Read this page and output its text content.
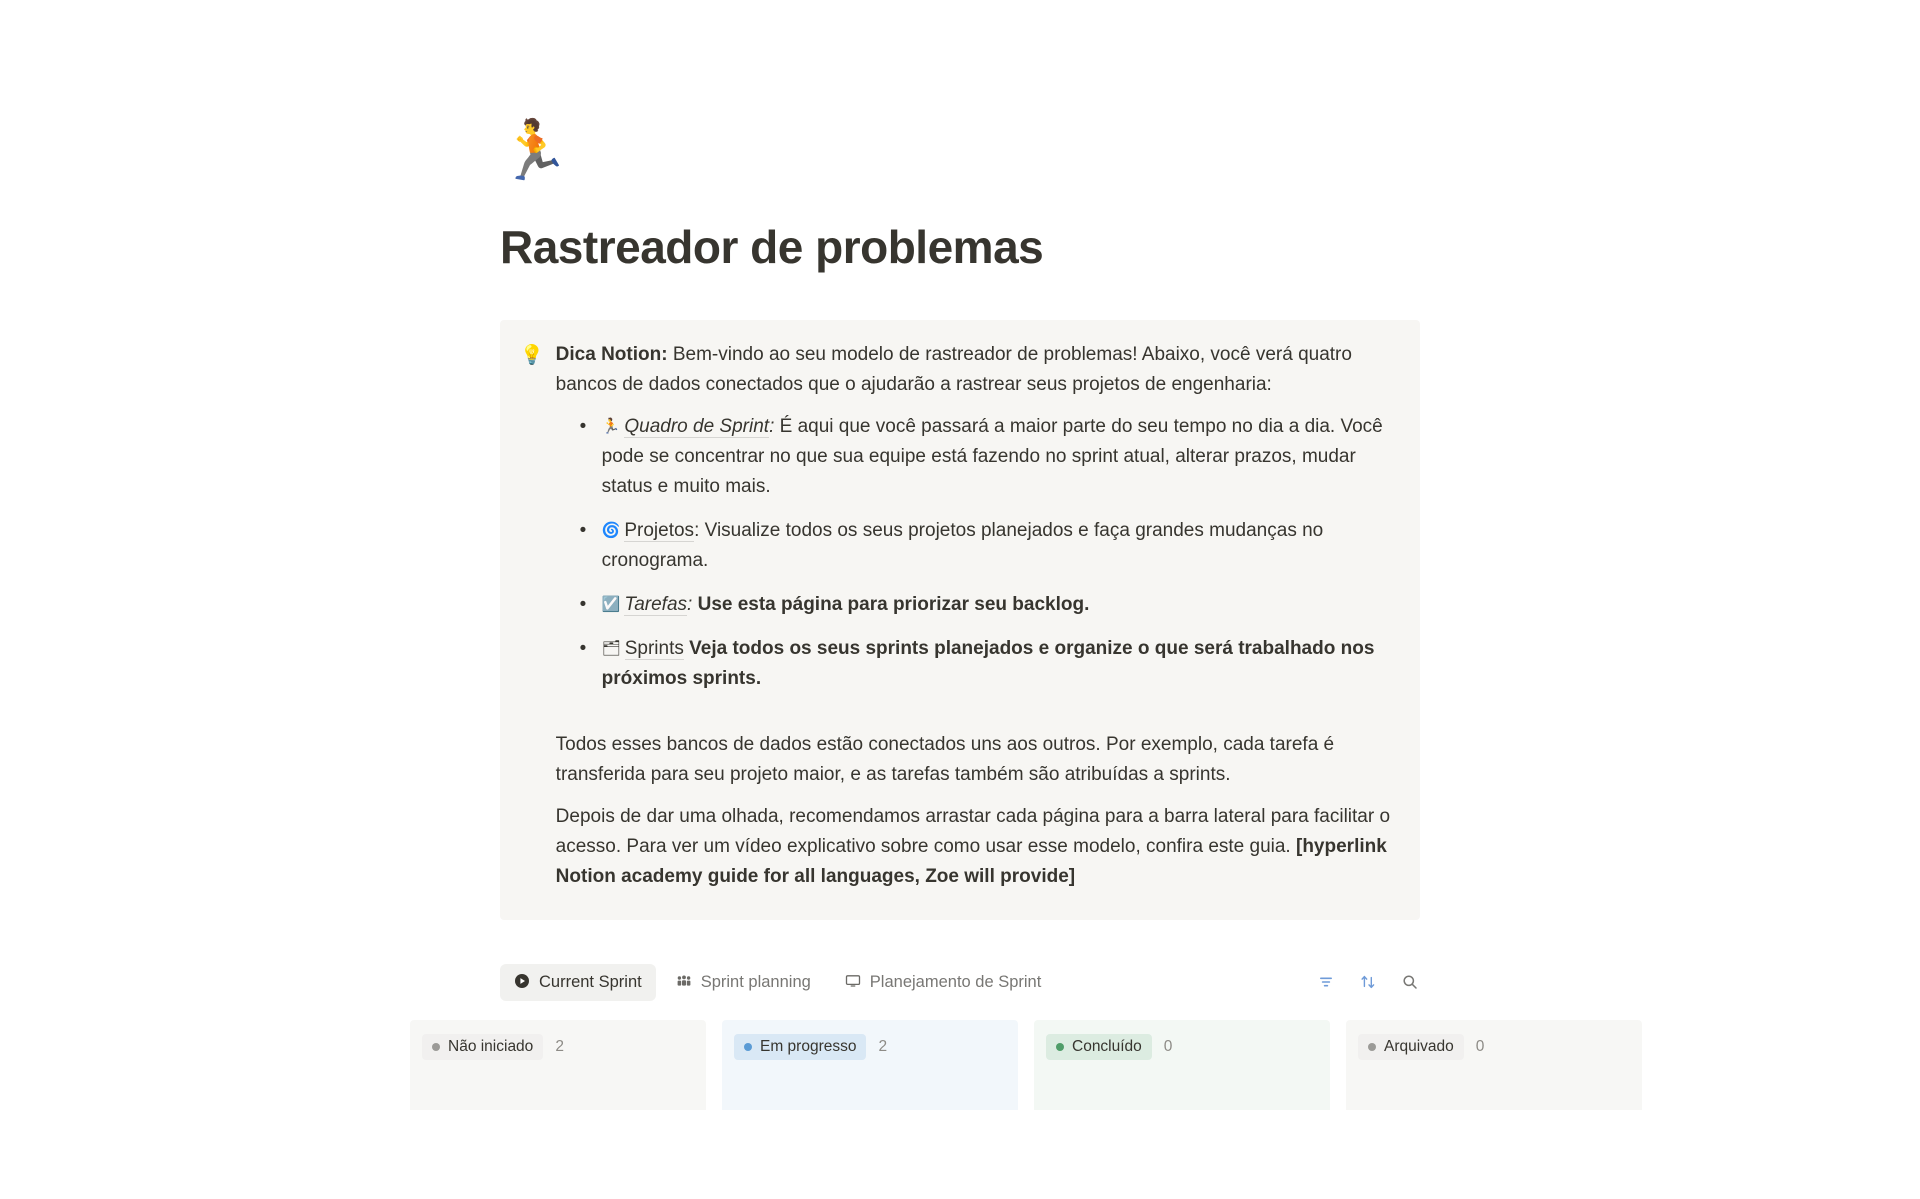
🏃
Rastreador de problemas
💡 Dica Notion: Bem-vindo ao seu modelo de rastreador de problemas! Abaixo, você verá quatro bancos de dados conectados que o ajudarão a rastrear seus projetos de engenharia:

• 🏃 Quadro de Sprint: É aqui que você passará a maior parte do seu tempo no dia a dia. Você pode se concentrar no que sua equipe está fazendo no sprint atual, alterar prazos, mudar status e muito mais.
• 🌀 Projetos: Visualize todos os seus projetos planejados e faça grandes mudanças no cronograma.
• ☑️ Tarefas: Use esta página para priorizar seu backlog.
• 🗂 Sprints Veja todos os seus sprints planejados e organize o que será trabalhado nos próximos sprints.

Todos esses bancos de dados estão conectados uns aos outros. Por exemplo, cada tarefa é transferida para seu projeto maior, e as tarefas também são atribuídas a sprints.

Depois de dar uma olhada, recomendamos arrastar cada página para a barra lateral para facilitar o acesso. Para ver um vídeo explicativo sobre como usar esse modelo, confira este guia. [hyperlink Notion academy guide for all languages, Zoe will provide]

Current Sprint	Sprint planning	Planejamento de Sprint
Não iniciado 2	Em progresso 2	Concluído 0	Arquivado 0
